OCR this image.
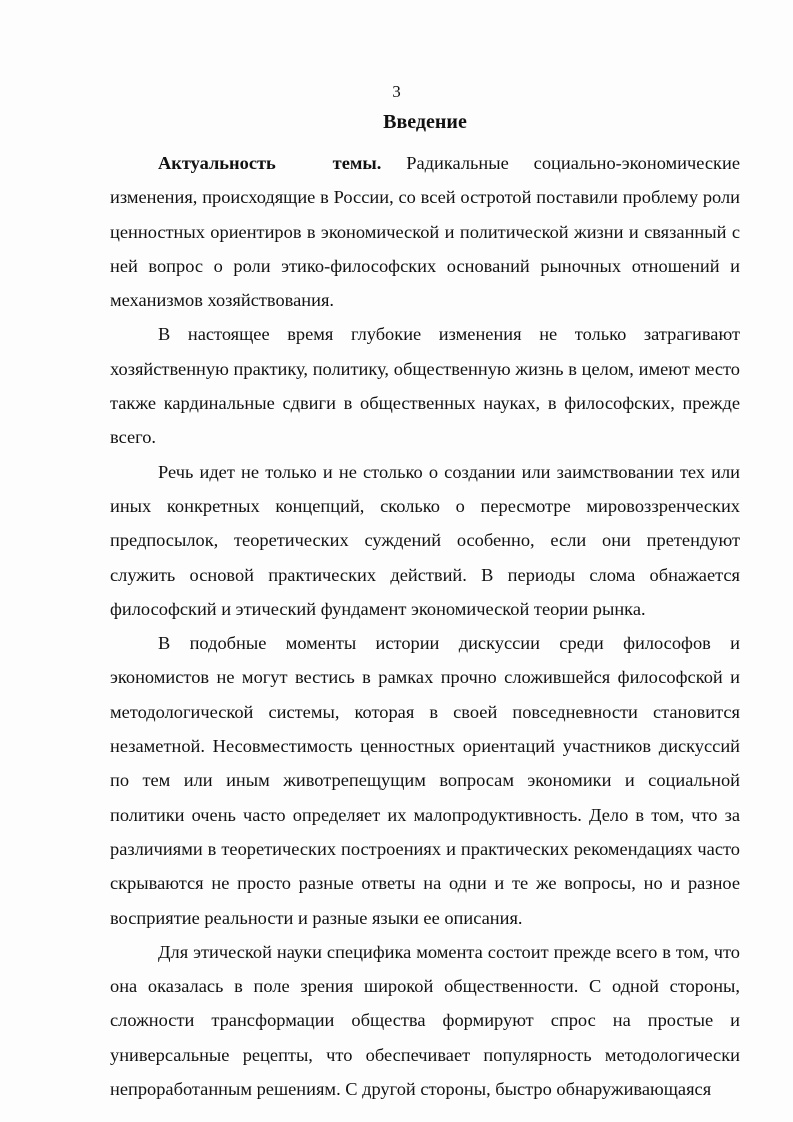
3
Введение

Актуальность темы. Радикальные социально-экономические изменения, происходящие в России, со всей остротой поставили проблему роли ценностных ориентиров в экономической и политической жизни и связанный с ней вопрос о роли этико-философских оснований рыночных отношений и механизмов хозяйствования.

В настоящее время глубокие изменения не только затрагивают хозяйственную практику, политику, общественную жизнь в целом, имеют место также кардинальные сдвиги в общественных науках, в философских, прежде всего.

Речь идет не только и не столько о создании или заимствовании тех или иных конкретных концепций, сколько о пересмотре мировоззренческих предпосылок, теоретических суждений особенно, если они претендуют служить основой практических действий. В периоды слома обнажается философский и этический фундамент экономической теории рынка.

В подобные моменты истории дискуссии среди философов и экономистов не могут вестись в рамках прочно сложившейся философской и методологической системы, которая в своей повседневности становится незаметной. Несовместимость ценностных ориентаций участников дискуссий по тем или иным животрепещущим вопросам экономики и социальной политики очень часто определяет их малопродуктивность. Дело в том, что за различиями в теоретических построениях и практических рекомендациях часто скрываются не просто разные ответы на одни и те же вопросы, но и разное восприятие реальности и разные языки ее описания.

Для этической науки специфика момента состоит прежде всего в том, что она оказалась в поле зрения широкой общественности. С одной стороны, сложности трансформации общества формируют спрос на простые и универсальные рецепты, что обеспечивает популярность методологически непроработанным решениям. С другой стороны, быстро обнаруживающаяся
